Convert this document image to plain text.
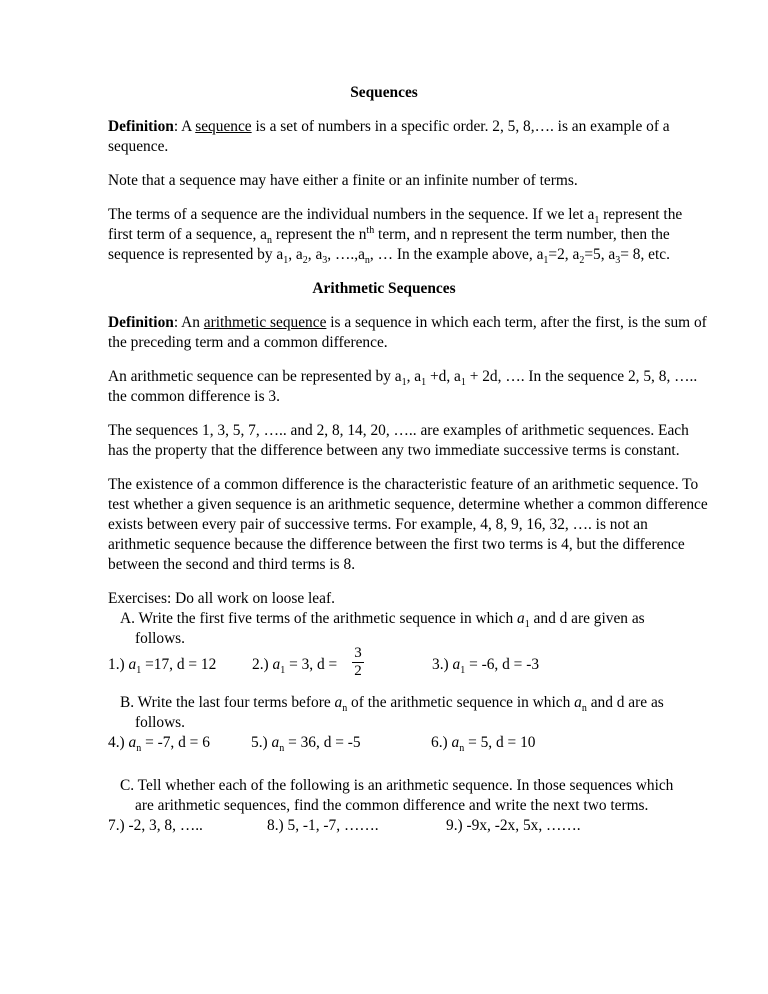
Sequences
Definition: A sequence is a set of numbers in a specific order. 2, 5, 8,…. is an example of a
sequence.
Note that a sequence may have either a finite or an infinite number of terms.
The terms of a sequence are the individual numbers in the sequence. If we let $a_1$ represent the
first term of a sequence, $a_n$ represent the $n^{th}$ term, and n represent the term number, then the
sequence is represented by $a_1$, $a_2$, $a_3$, $\dots.,a_n$, … In the example above, $a_1=2$, $a_2=5$, $a_3= 8$, etc.
Arithmetic Sequences
Definition: An arithmetic sequence is a sequence in which each term, after the first, is the sum of
the preceding term and a common difference.
An arithmetic sequence can be represented by $a_1$, $a_1 +d$, $a_1 + 2d$, …. In the sequence 2, 5, 8, …..
the common difference is 3.
The sequences 1, 3, 5, 7, ….. and 2, 8, 14, 20, ….. are examples of arithmetic sequences. Each
has the property that the difference between any two immediate successive terms is constant.
The existence of a common difference is the characteristic feature of an arithmetic sequence. To
test whether a given sequence is an arithmetic sequence, determine whether a common difference
exists between every pair of successive terms. For example, 4, 8, 9, 16, 32, …. is not an
arithmetic sequence because the difference between the first two terms is 4, but the difference
between the second and third terms is 8.
Exercises: Do all work on loose leaf.
A. Write the first five terms of the arithmetic sequence in which $a_1$ and d are given as
follows.
1.) $a_1 =17$, d = 12 2.) $a_1 = 3$, $d = \frac{3}{2}$	3.) $a_1 = -6$, d = -3
B. Write the last four terms before $a_n$ of the arithmetic sequence in which $a_n$ and d are as
follows.
4.) $a_n = -7$, d = 6	5.) $a_n = 36$, d = -5	6.) $a_n = 5$, d = 10
C. Tell whether each of the following is an arithmetic sequence. In those sequences which
are arithmetic sequences, find the common difference and write the next two terms.
7.) -2, 3, 8, …..	8.) 5, -1, -7, …….	9.) -9x, -2x, 5x, …….
